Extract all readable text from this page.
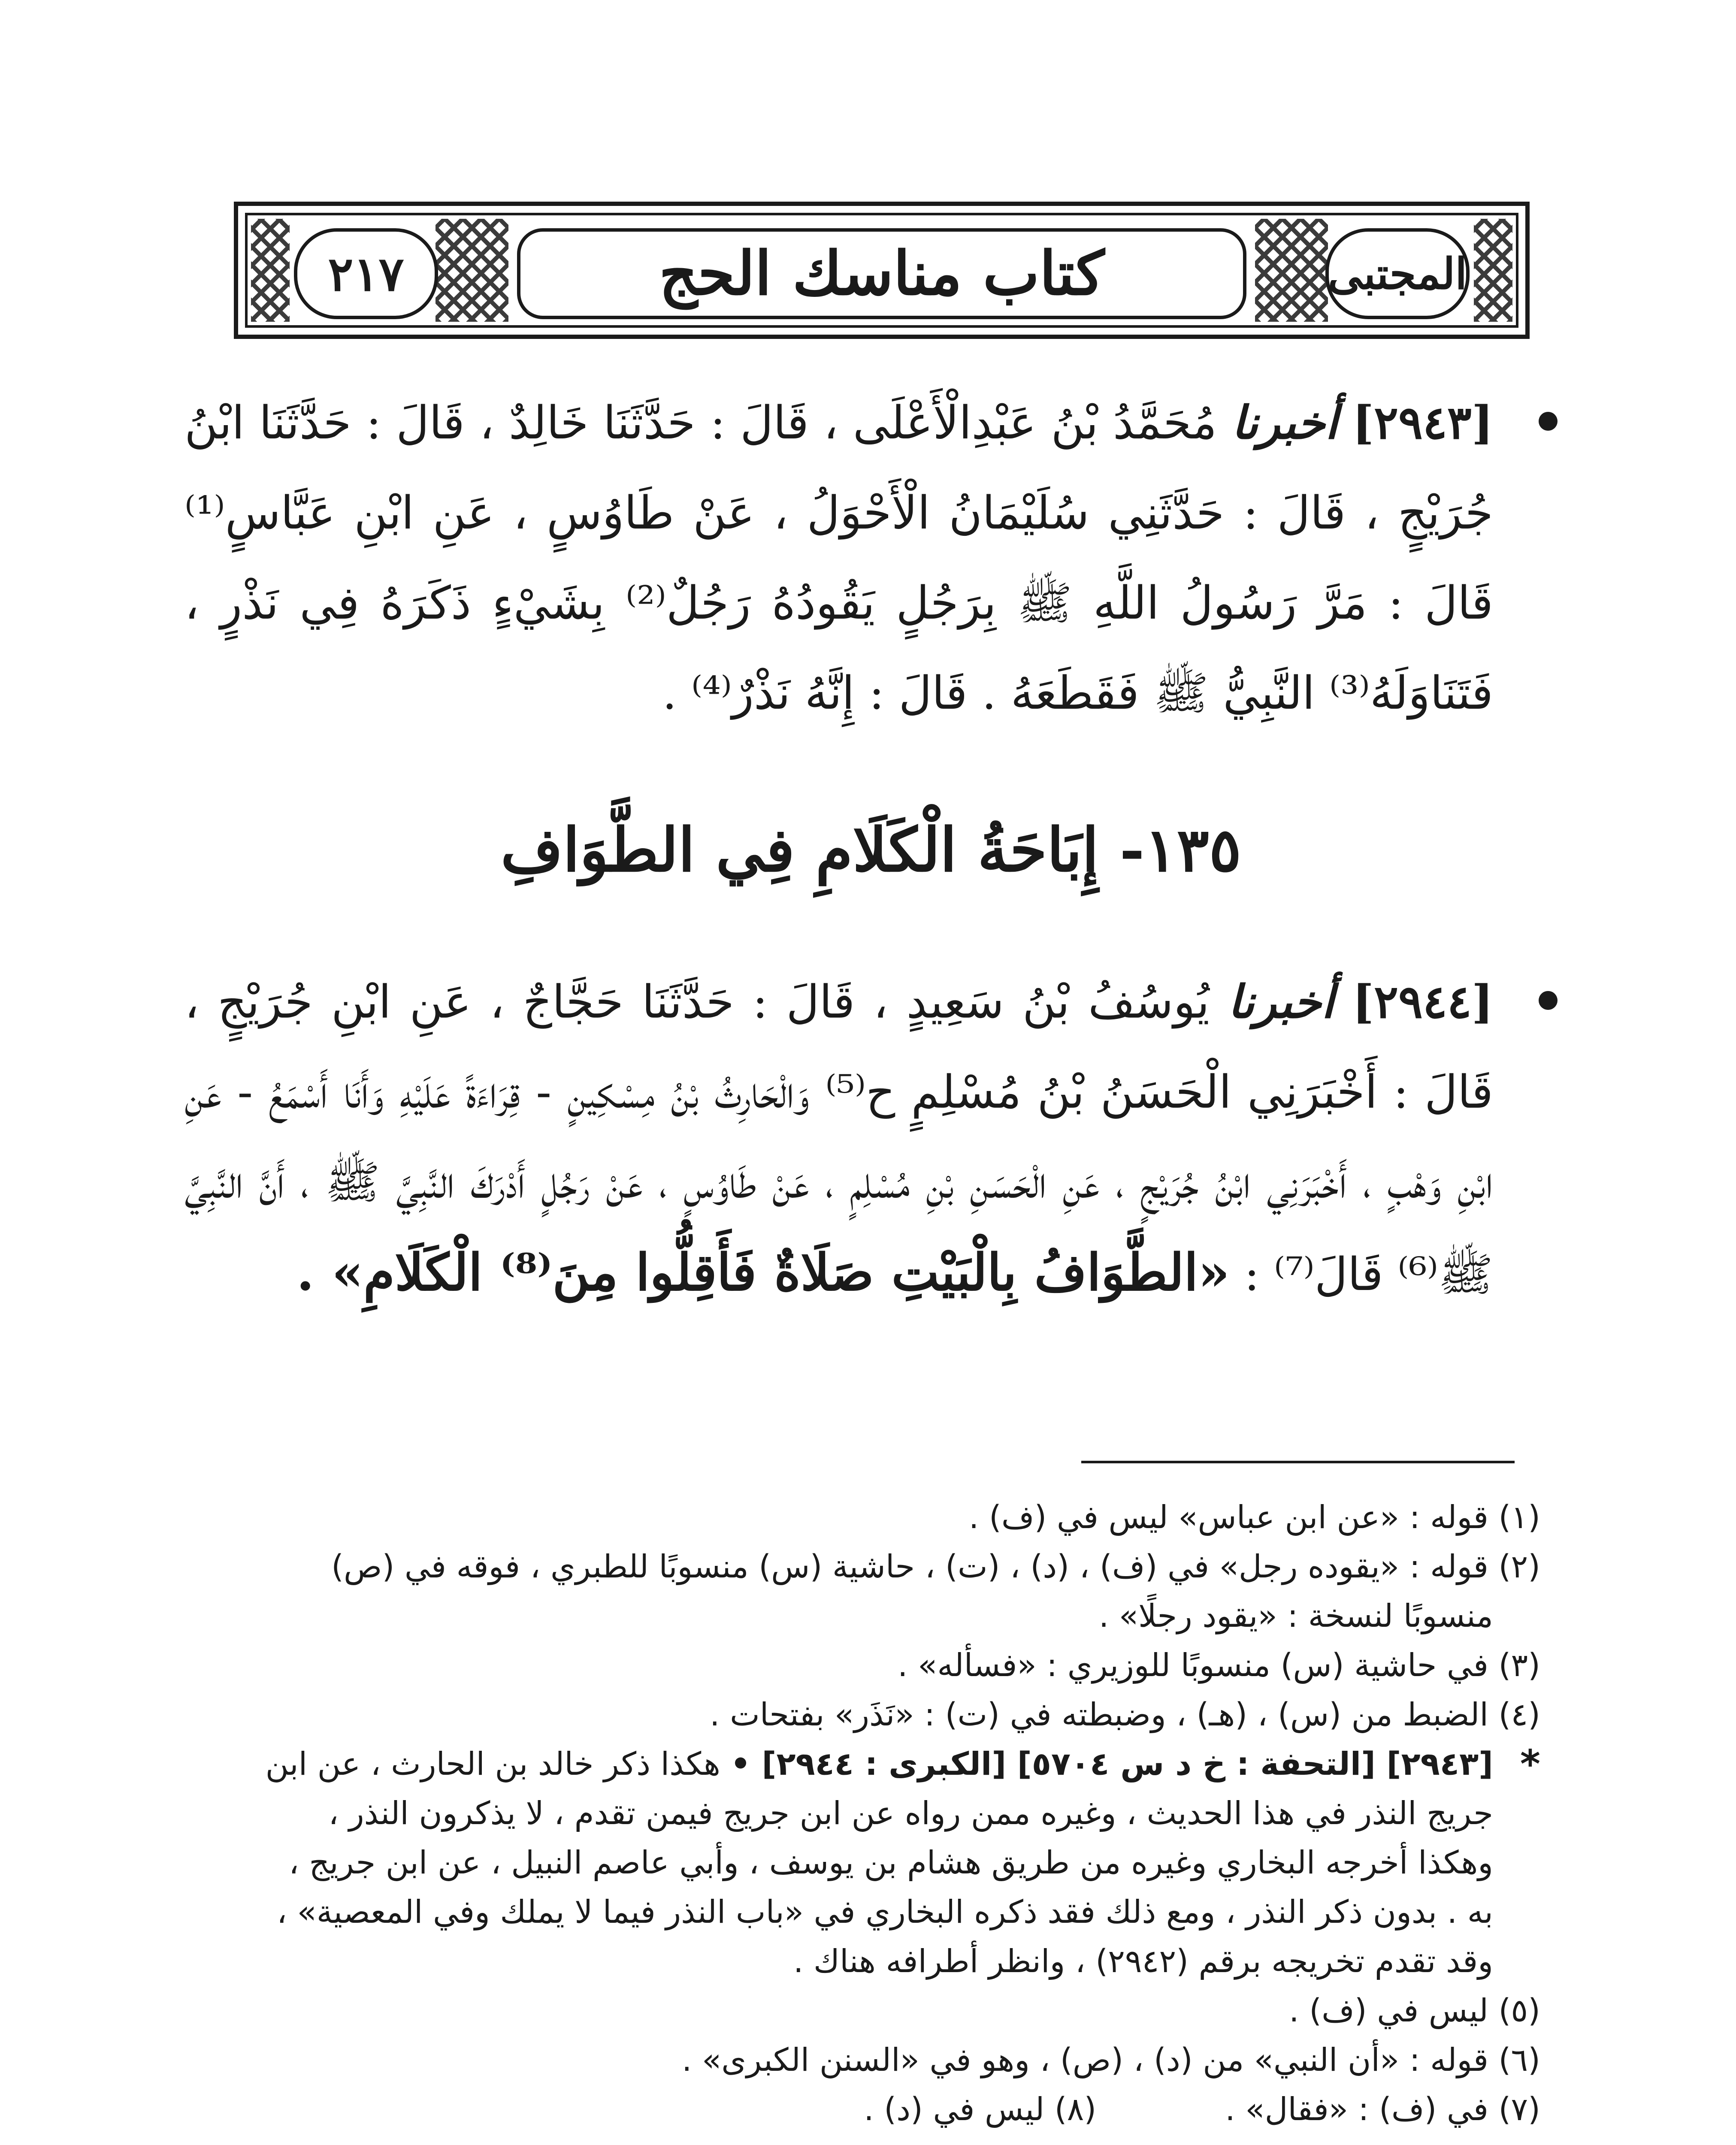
٢١٧	كتاب مناسك الحج	المجتبى
[٢٩٤٣] أخبرنا مُحَمَّدُ بْنُ عَبْدِالْأَعْلَى ، قَالَ : حَدَّثَنَا خَالِدٌ ، قَالَ : حَدَّثَنَا ابْنُ جُرَيْجٍ ، قَالَ : حَدَّثَنِي سُلَيْمَانُ الْأَحْوَلُ ، عَنْ طَاوُسٍ ، عَنِ ابْنِ عَبَّاسٍ⁽¹⁾ قَالَ : مَرَّ رَسُولُ اللَّهِ ﷺ بِرَجُلٍ يَقُودُهُ رَجُلٌ⁽²⁾ بِشَيْءٍ ذَكَرَهُ فِي نَذْرٍ ، فَتَنَاوَلَهُ⁽³⁾ النَّبِيُّ ﷺ فَقَطَعَهُ . قَالَ : إِنَّهُ نَذْرٌ⁽⁴⁾ .
١٣٥- إِبَاحَةُ الْكَلَامِ فِي الطَّوَافِ
[٢٩٤٤] أخبرنا يُوسُفُ بْنُ سَعِيدٍ ، قَالَ : حَدَّثَنَا حَجَّاجٌ ، عَنِ ابْنِ جُرَيْجٍ ، قَالَ : أَخْبَرَنِي الْحَسَنُ بْنُ مُسْلِمٍ ح⁽⁵⁾ وَالْحَارِثُ بْنُ مِسْكِينٍ - قِرَاءَةً عَلَيْهِ وَأَنَا أَسْمَعُ - عَنِ ابْنِ وَهْبٍ ، أَخْبَرَنِي ابْنُ جُرَيْجٍ ، عَنِ الْحَسَنِ بْنِ مُسْلِمٍ ، عَنْ طَاوُسٍ ، عَنْ رَجُلٍ أَدْرَكَ النَّبِيَّ ﷺ ، أَنَّ النَّبِيَّ ﷺ⁽⁶⁾ قَالَ⁽⁷⁾ : «الطَّوَافُ بِالْبَيْتِ صَلَاةٌ فَأَقِلُّوا مِنَ⁽⁸⁾ الْكَلَامِ» .
(١) قوله : «عن ابن عباس» ليس في (ف) .
(٢) قوله : «يقوده رجل» في (ف) ، (د) ، (ت) ، حاشية (س) منسوبًا للطبري ، فوقه في (ص)
منسوبًا لنسخة : «يقود رجلًا» .
(٣) في حاشية (س) منسوبًا للوزيري : «فسأله» .
(٤) الضبط من (س) ، (هـ) ، وضبطته في (ت) : «نَذَر» بفتحات .
*
[٢٩٤٣] [التحفة : خ د س ٥٧٠٤] [الكبرى : ٢٩٤٤] • هكذا ذكر خالد بن الحارث ، عن ابن جريج النذر في هذا الحديث ، وغيره ممن رواه عن ابن جريج فيمن تقدم ، لا يذكرون النذر ، وهكذا أخرجه البخاري وغيره من طريق هشام بن يوسف ، وأبي عاصم النبيل ، عن ابن جريج ، به . بدون ذكر النذر ، ومع ذلك فقد ذكره البخاري في «باب النذر فيما لا يملك وفي المعصية» ، وقد تقدم تخريجه برقم (٢٩٤٢) ، وانظر أطرافه هناك .
(٥) ليس في (ف) .
(٦) قوله : «أن النبي» من (د) ، (ص) ، وهو في «السنن الكبرى» .
(٧) في (ف) : «فقال» .
(٨) ليس في (د) .
